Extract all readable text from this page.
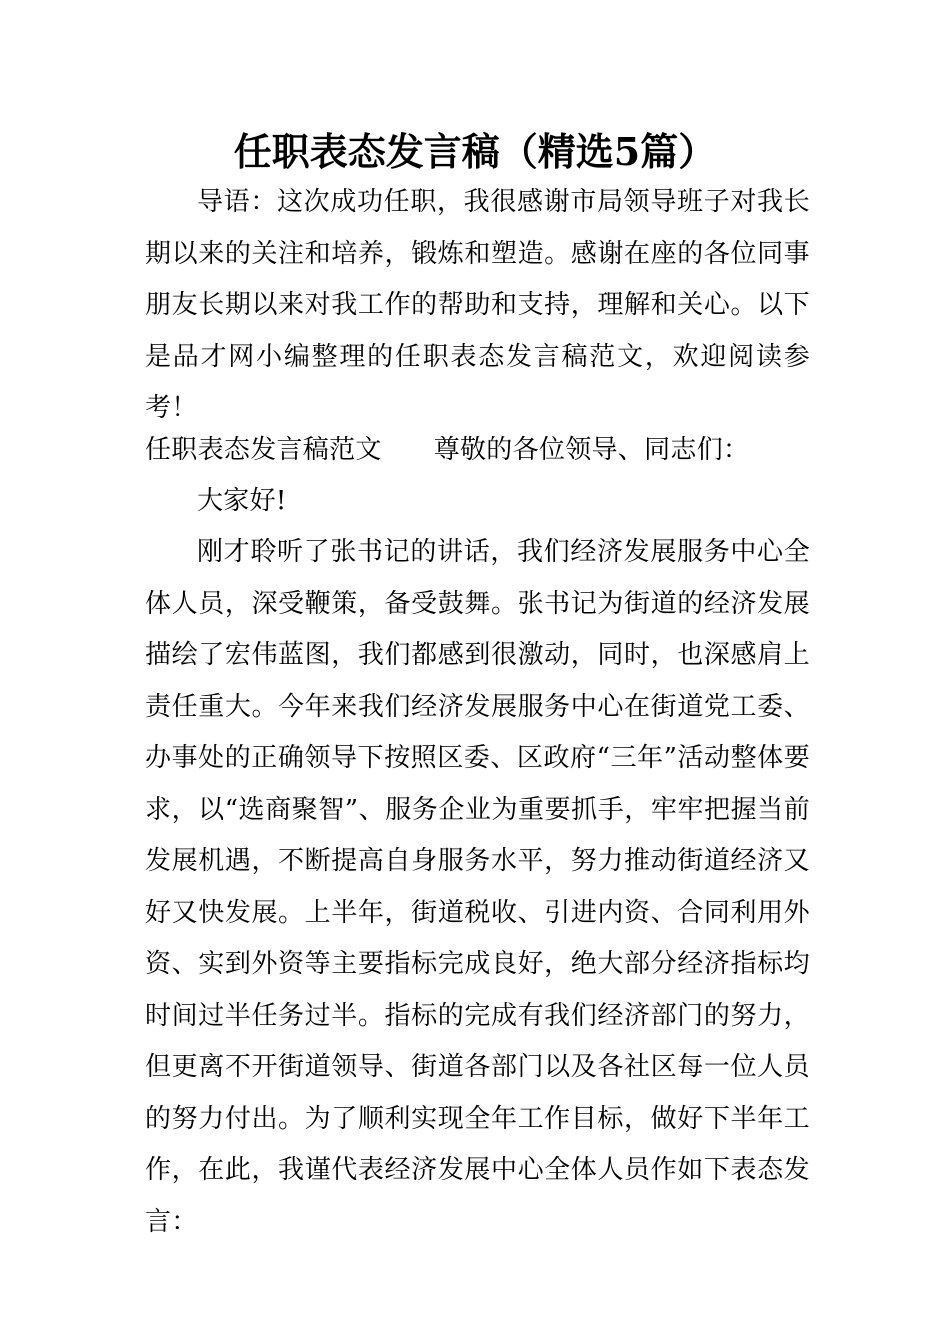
任职表态发言稿（精选5篇）

导语：这次成功任职，我很感谢市局领导班子对我长期以来的关注和培养，锻炼和塑造。感谢在座的各位同事朋友长期以来对我工作的帮助和支持，理解和关心。以下是品才网小编整理的任职表态发言稿范文，欢迎阅读参考！

任职表态发言稿范文 尊敬的各位领导、同志们：

大家好!

刚才聆听了张书记的讲话，我们经济发展服务中心全体人员，深受鞭策，备受鼓舞。张书记为街道的经济发展描绘了宏伟蓝图，我们都感到很激动，同时，也深感肩上责任重大。今年来我们经济发展服务中心在街道党工委、办事处的正确领导下按照区委、区政府“三年”活动整体要求，以“选商聚智”、服务企业为重要抓手，牢牢把握当前发展机遇，不断提高自身服务水平，努力推动街道经济又好又快发展。上半年，街道税收、引进内资、合同利用外资、实到外资等主要指标完成良好，绝大部分经济指标均时间过半任务过半。指标的完成有我们经济部门的努力，但更离不开街道领导、街道各部门以及各社区每一位人员的努力付出。为了顺利实现全年工作目标，做好下半年工作，在此，我谨代表经济发展中心全体人员作如下表态发言：
